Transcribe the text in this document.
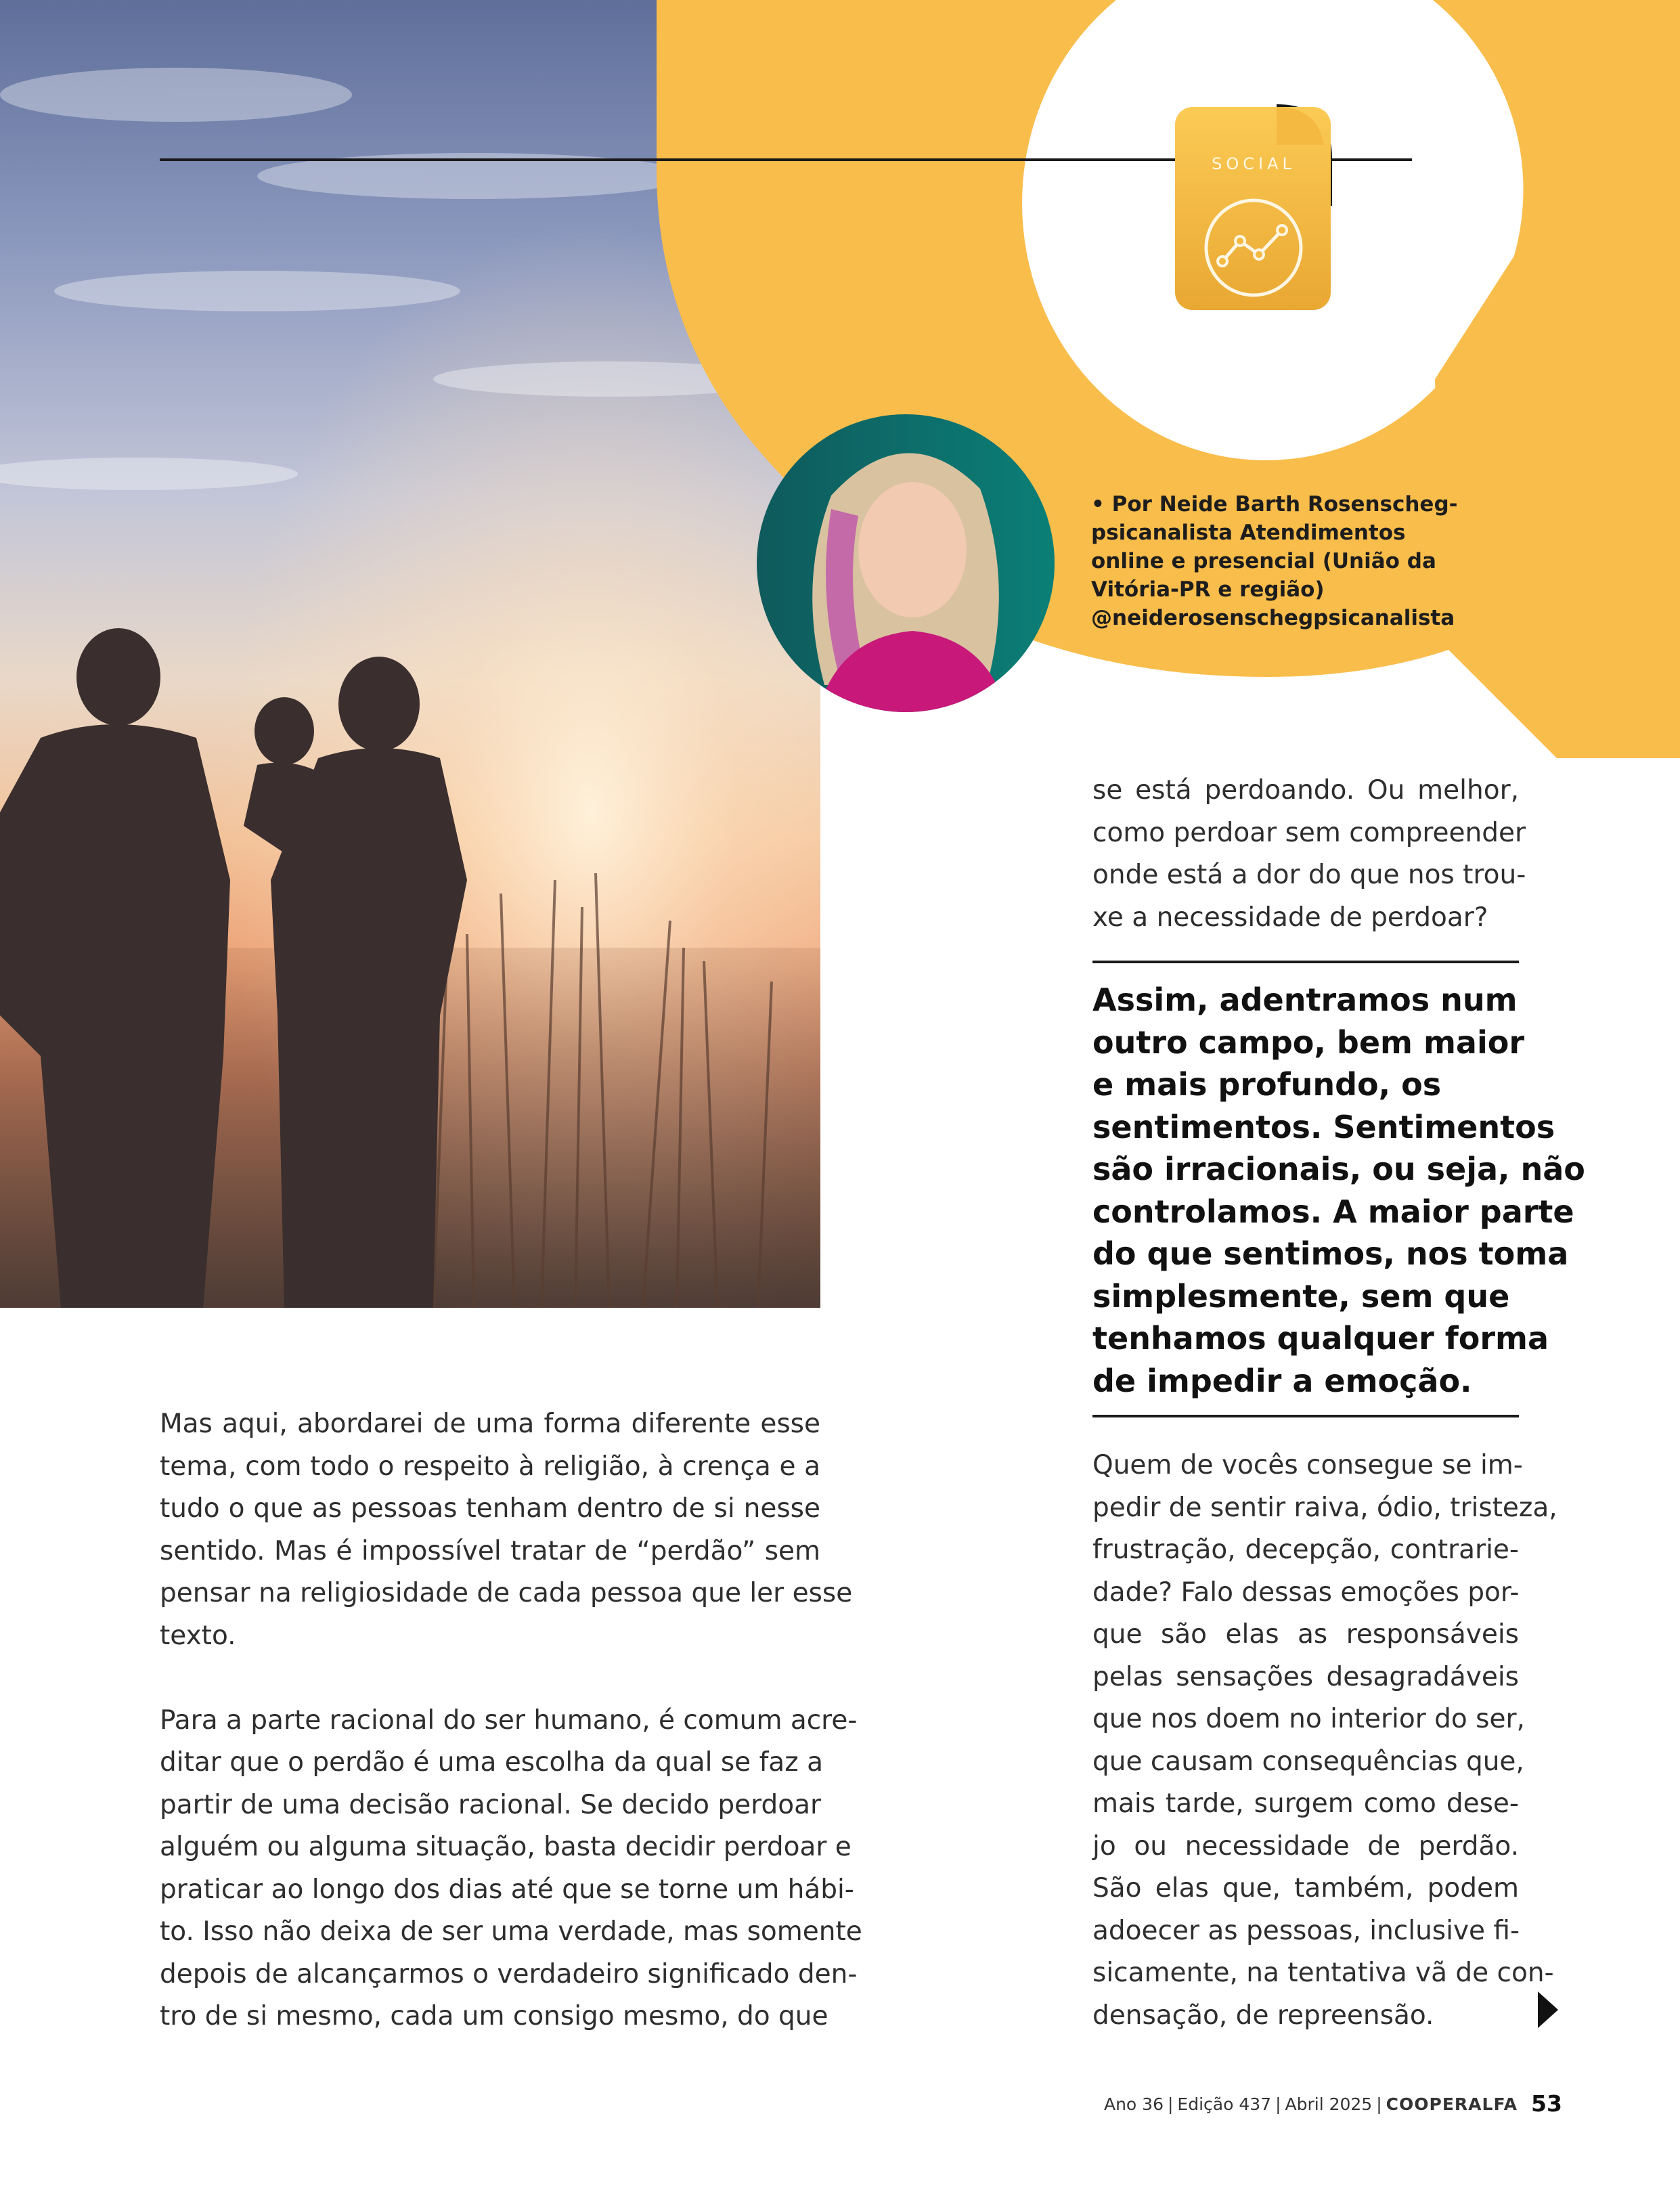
SOCIAL
• Por Neide Barth Rosenscheg-
psicanalista Atendimentos
online e presencial (União da
Vitória-PR e região)
@neiderosenschegpsicanalista
se está perdoando. Ou melhor,
como perdoar sem compreender
onde está a dor do que nos trou-
xe a necessidade de perdoar?
Assim, adentramos num
outro campo, bem maior
e mais profundo, os
sentimentos. Sentimentos
são irracionais, ou seja, não
controlamos. A maior parte
do que sentimos, nos toma
simplesmente, sem que
tenhamos qualquer forma
de impedir a emoção.
Quem de vocês consegue se im-
pedir de sentir raiva, ódio, tristeza,
frustração, decepção, contrarie-
dade? Falo dessas emoções por-
que são elas as responsáveis
pelas sensações desagradáveis
que nos doem no interior do ser,
que causam consequências que,
mais tarde, surgem como dese-
jo ou necessidade de perdão.
São elas que, também, podem
adoecer as pessoas, inclusive fi-
sicamente, na tentativa vã de con-
densação, de repreensão.
Mas aqui, abordarei de uma forma diferente esse
tema, com todo o respeito à religião, à crença e a
tudo o que as pessoas tenham dentro de si nesse
sentido. Mas é impossível tratar de “perdão” sem
pensar na religiosidade de cada pessoa que ler esse
texto.
Para a parte racional do ser humano, é comum acre-
ditar que o perdão é uma escolha da qual se faz a
partir de uma decisão racional. Se decido perdoar
alguém ou alguma situação, basta decidir perdoar e
praticar ao longo dos dias até que se torne um hábi-
to. Isso não deixa de ser uma verdade, mas somente
depois de alcançarmos o verdadeiro significado den-
tro de si mesmo, cada um consigo mesmo, do que
Ano 36 | Edição 437 | Abril 2025 | COOPERALFA 53
